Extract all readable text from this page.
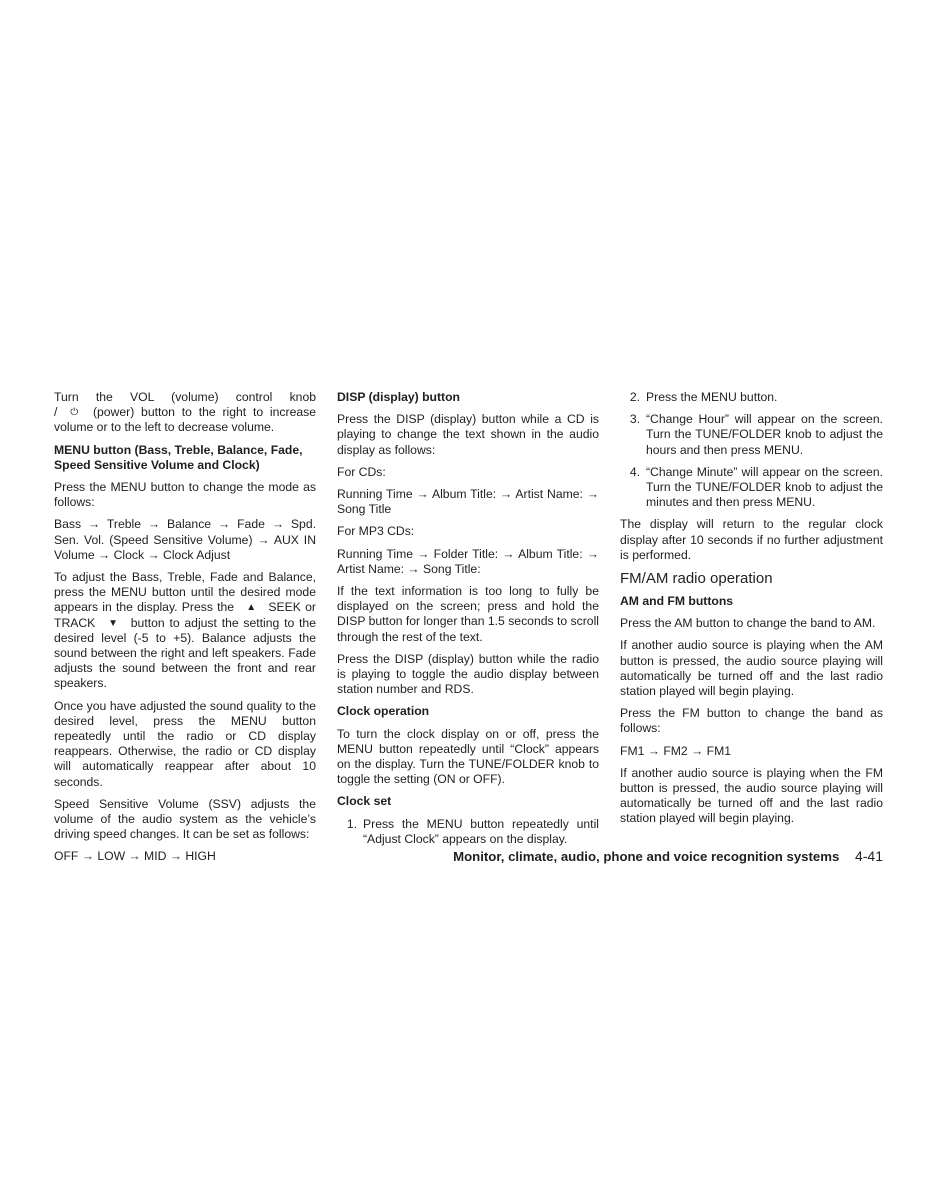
Turn the VOL (volume) control knob

/ ⏻ (power) button to the right to increase volume or to the left to decrease volume.

MENU button (Bass, Treble, Balance, Fade, Speed Sensitive Volume and Clock)

Press the MENU button to change the mode as follows:

Bass → Treble → Balance → Fade → Spd. Sen. Vol. (Speed Sensitive Volume) → AUX IN Volume → Clock → Clock Adjust

To adjust the Bass, Treble, Fade and Balance, press the MENU button until the desired mode appears in the display. Press the ▲ SEEK or TRACK ▼ button to adjust the setting to the desired level (-5 to +5). Balance adjusts the sound between the right and left speakers. Fade adjusts the sound between the front and rear speakers.

Once you have adjusted the sound quality to the desired level, press the MENU button repeatedly until the radio or CD display reappears. Otherwise, the radio or CD display will automatically reappear after about 10 seconds.

Speed Sensitive Volume (SSV) adjusts the volume of the audio system as the vehicle’s driving speed changes. It can be set as follows:

OFF → LOW → MID → HIGH

DISP (display) button

Press the DISP (display) button while a CD is playing to change the text shown in the audio display as follows:

For CDs:

Running Time → Album Title: → Artist Name: → Song Title

For MP3 CDs:

Running Time → Folder Title: → Album Title: → Artist Name: → Song Title:

If the text information is too long to fully be displayed on the screen; press and hold the DISP button for longer than 1.5 seconds to scroll through the rest of the text.

Press the DISP (display) button while the radio is playing to toggle the audio display between station number and RDS.

Clock operation

To turn the clock display on or off, press the MENU button repeatedly until “Clock” appears on the display. Turn the TUNE/FOLDER knob to toggle the setting (ON or OFF).

Clock set
1. Press the MENU button repeatedly until “Adjust Clock” appears on the display.
2. Press the MENU button.
3. “Change Hour” will appear on the screen. Turn the TUNE/FOLDER knob to adjust the hours and then press MENU.
4. “Change Minute” will appear on the screen. Turn the TUNE/FOLDER knob to adjust the minutes and then press MENU.

The display will return to the regular clock display after 10 seconds if no further adjustment is performed.

FM/AM radio operation
AM and FM buttons

Press the AM button to change the band to AM.

If another audio source is playing when the AM button is pressed, the audio source playing will automatically be turned off and the last radio station played will begin playing.

Press the FM button to change the band as follows:

FM1 → FM2 → FM1

If another audio source is playing when the FM button is pressed, the audio source playing will automatically be turned off and the last radio station played will begin playing.

Monitor, climate, audio, phone and voice recognition systems 4-41
